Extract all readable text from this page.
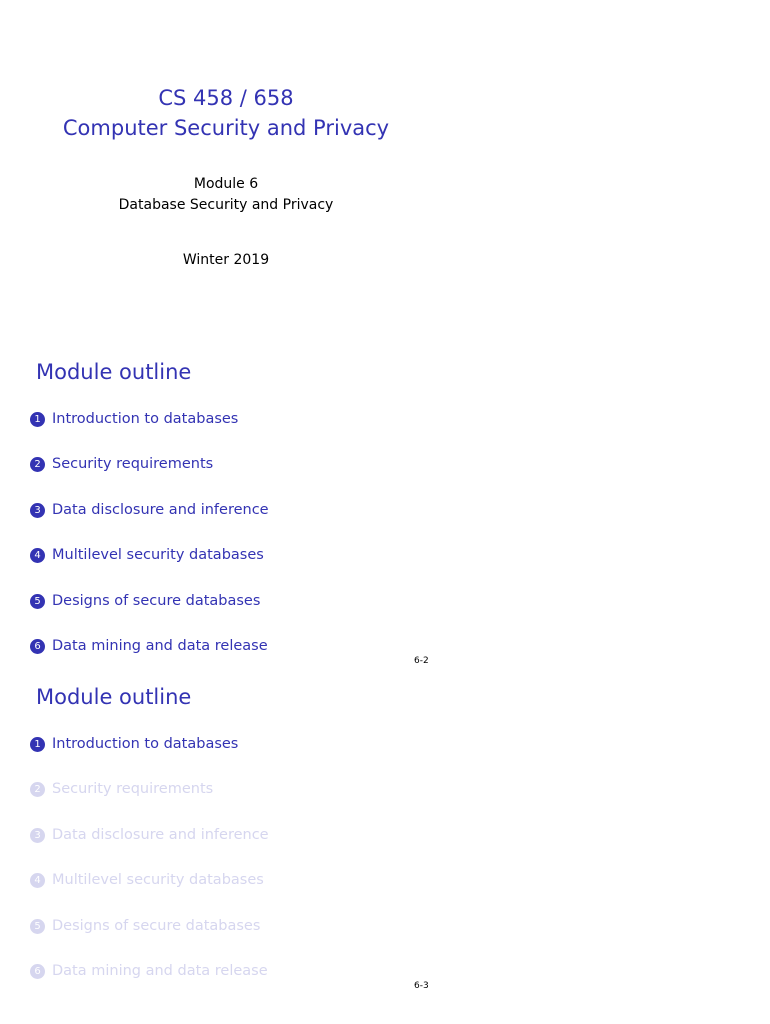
CS 458 / 658
Computer Security and Privacy
Module 6
Database Security and Privacy
Winter 2019
Module outline
1 Introduction to databases
2 Security requirements
3 Data disclosure and inference
4 Multilevel security databases
5 Designs of secure databases
6 Data mining and data release
6-2
Module outline
1 Introduction to databases
2 Security requirements
3 Data disclosure and inference
4 Multilevel security databases
5 Designs of secure databases
6 Data mining and data release
6-3
